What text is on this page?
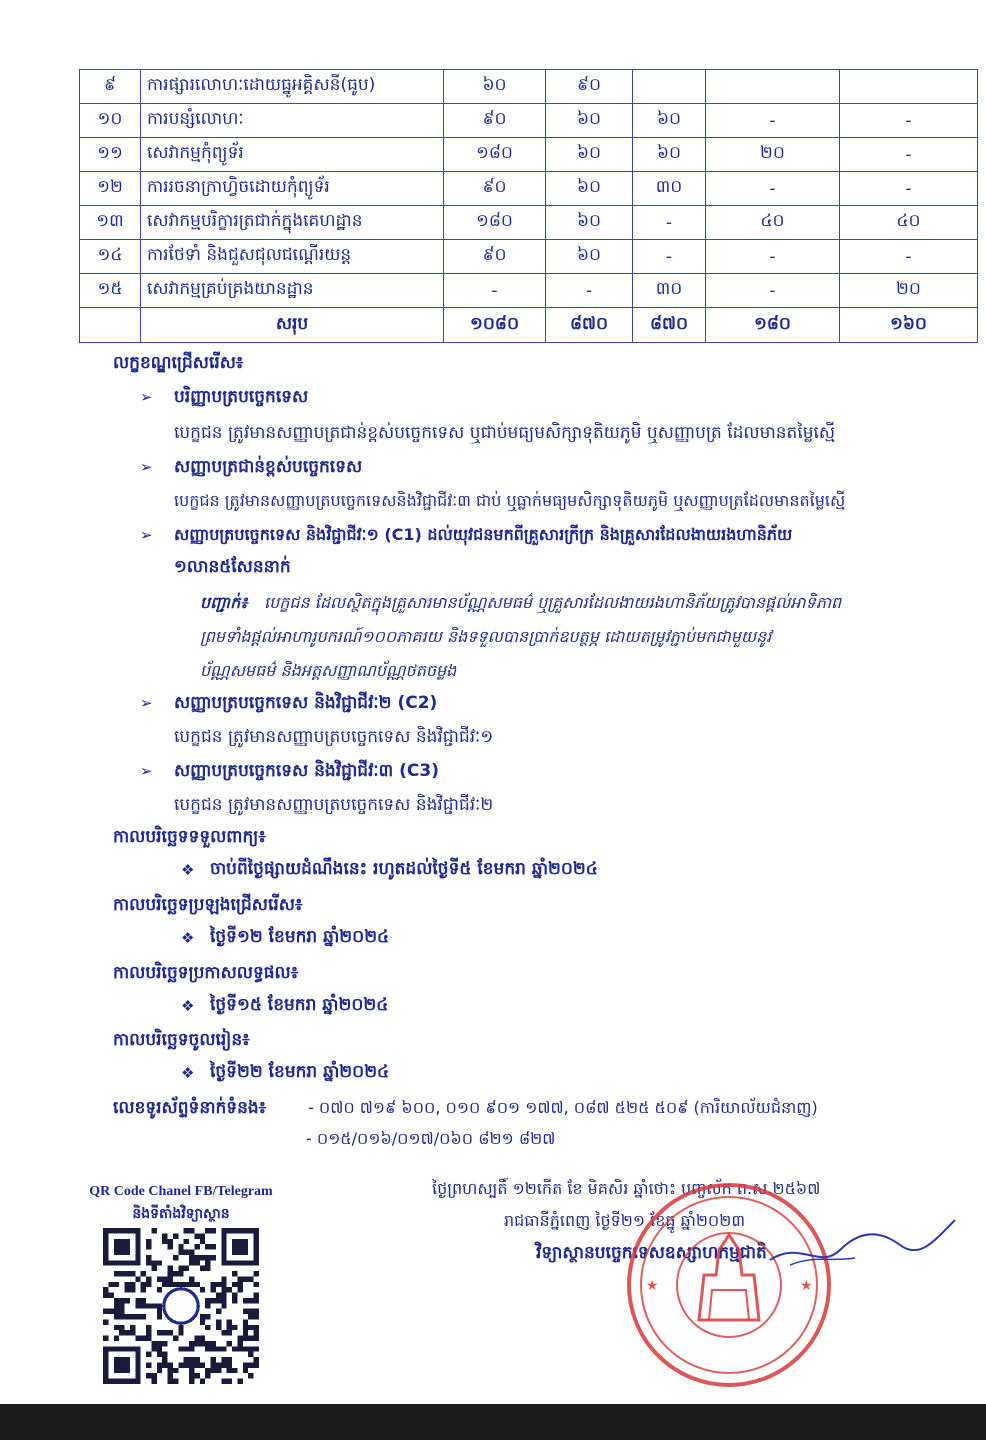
៩	ការផ្សារលោហៈដោយធ្នូអគ្គិសនី(ធូប)	៦០	៩០			
១០	ការបន្សំលោហៈ	៩០	៦០	៦០	-	-
១១	សេវាកម្មកុំព្យូទ័រ	១៨០	៦០	៦០	២០	-
១២	ការរចនាក្រាហ្វិចដោយកុំព្យូទ័រ	៩០	៦០	៣០	-	-
១៣	សេវាកម្មបរិក្ខារត្រជាក់ក្នុងគេហដ្ឋាន	១៨០	៦០	-	៤០	៤០
១៤	ការថែទាំ និងជួសជុលជណ្តើរយន្ត	៩០	៦០	-	-	-
១៥	សេវាកម្មគ្រប់គ្រងយានដ្ឋាន	-	-	៣០	-	២០
	សរុប	១០៨០	៨៧០	៨៧០	១៨០	១៦០
លក្ខខណ្ឌជ្រើសរើស៖
➢ បរិញ្ញាបត្របច្ចេកទេស
បេក្ខជន ត្រូវមានសញ្ញាបត្រជាន់ខ្ពស់បច្ចេកទេស ឬជាប់មធ្យមសិក្សាទុតិយភូមិ ឬសញ្ញាបត្រ ដែលមានតម្លៃស្មើ
➢ សញ្ញាបត្រជាន់ខ្ពស់បច្ចេកទេស
បេក្ខជន ត្រូវមានសញ្ញាបត្របច្ចេកទេសនិងវិជ្ជាជីវៈ៣ ជាប់ ឬធ្លាក់មធ្យមសិក្សាទុតិយភូមិ ឬសញ្ញាបត្រដែលមានតម្លៃស្មើ
➢ សញ្ញាបត្របច្ចេកទេស និងវិជ្ជាជីវៈ១ (C1) ដល់យុវជនមកពីគ្រួសារក្រីក្រ និងគ្រួសារដែលងាយរងហានិភ័យ
១លាន៥សែននាក់
បញ្ជាក់៖ បេក្ខជន ដែលស្ថិតក្នុងគ្រួសារមានប័ណ្ណសមធម៌ ឬគ្រួសារដែលងាយរងហានិភ័យត្រូវបានផ្តល់អាទិភាព
ព្រមទាំងផ្តល់អាហារូបករណ៍១០០ភាគរយ និងទទួលបានប្រាក់ឧបត្ថម្ភ ដោយតម្រូវភ្ជាប់មកជាមួយនូវ
ប័ណ្ណសមធម៌ និងអត្តសញ្ញាណប័ណ្ណថតចម្លង
➢ សញ្ញាបត្របច្ចេកទេស និងវិជ្ជាជីវៈ២ (C2)
បេក្ខជន ត្រូវមានសញ្ញាបត្របច្ចេកទេស និងវិជ្ជាជីវៈ១
➢ សញ្ញាបត្របច្ចេកទេស និងវិជ្ជាជីវៈ៣ (C3)
បេក្ខជន ត្រូវមានសញ្ញាបត្របច្ចេកទេស និងវិជ្ជាជីវៈ២
កាលបរិច្ឆេទទទួលពាក្យ៖
❖ ចាប់ពីថ្ងៃផ្សាយដំណឹងនេះ រហូតដល់ថ្ងៃទី៥ ខែមករា ឆ្នាំ២០២៤
កាលបរិច្ឆេទប្រឡងជ្រើសរើស៖
❖ ថ្ងៃទី១២ ខែមករា ឆ្នាំ២០២៤
កាលបរិច្ឆេទប្រកាសលទ្ធផល៖
❖ ថ្ងៃទី១៥ ខែមករា ឆ្នាំ២០២៤
កាលបរិច្ឆេទចូលរៀន៖
❖ ថ្ងៃទី២២ ខែមករា ឆ្នាំ២០២៤
លេខទូរស័ព្ទទំនាក់ទំនង៖	- ០៧០ ៧១៩ ៦០០, ០១០ ៩០១ ១៧៧, ០៨៧ ៥២៥ ៥០៩ (ការិយាល័យជំនាញ)
- ០១៥/០១៦/០១៧/០៦០ ៨២១ ៨២៧
QR Code Chanel FB/Telegram
និងទីតាំងវិទ្យាស្ថាន
ថ្ងៃព្រហស្បតិ៍ ១២កើត ខែ មិគសិរ ឆ្នាំថោះ បញ្ចស័ក ព.ស.២៥៦៧
រាជធានីភ្នំពេញ ថ្ងៃទី២១ ខែធ្នូ ឆ្នាំ២០២៣
វិទ្យាស្ថានបច្ចេកទេសឧស្សាហកម្មជាតិ
★	★
